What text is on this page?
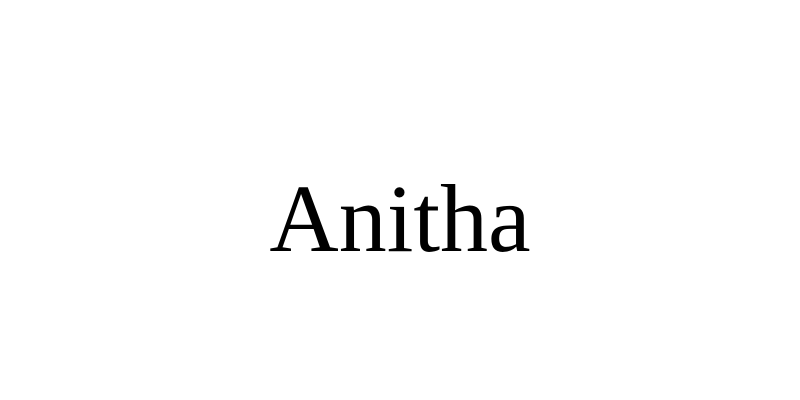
Anitha
